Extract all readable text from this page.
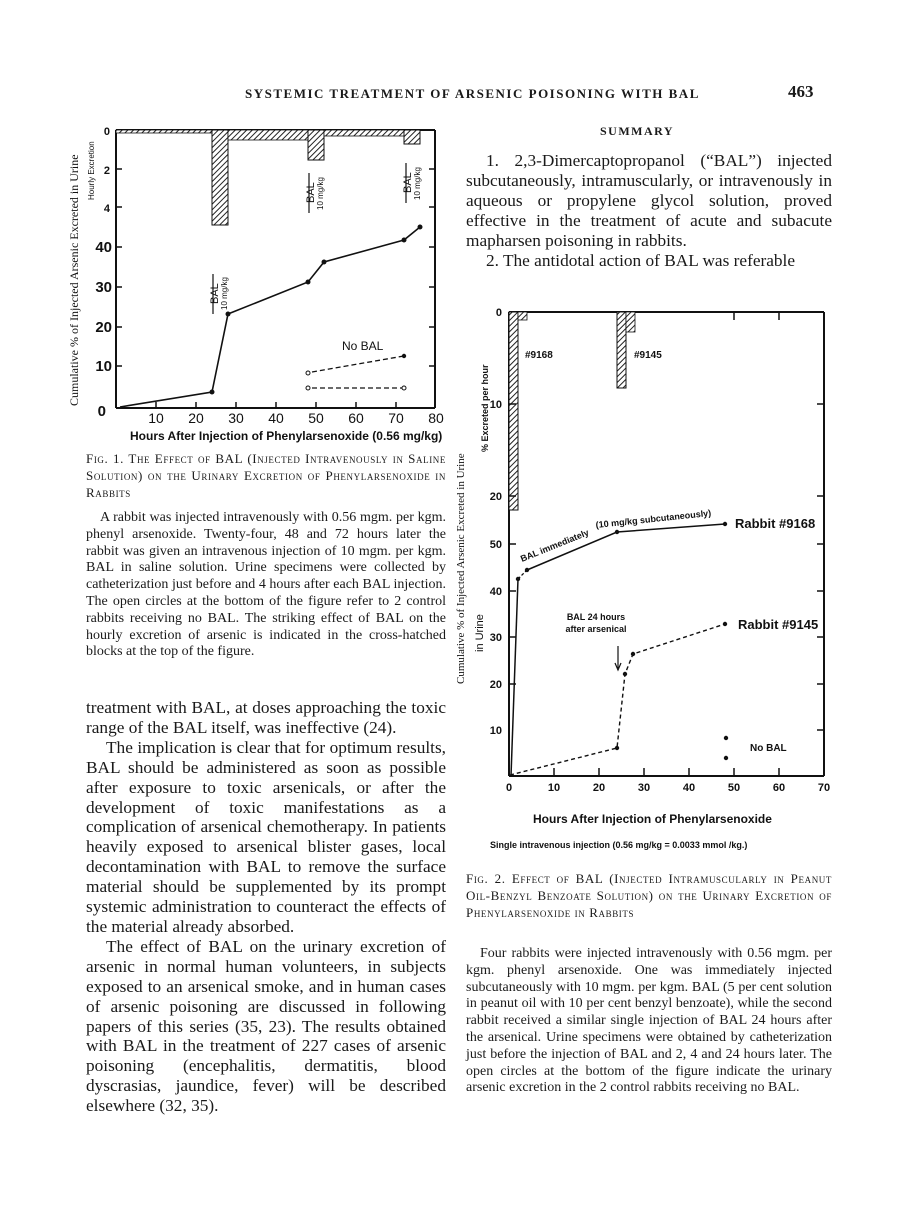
SYSTEMIC TREATMENT OF ARSENIC POISONING WITH BAL	463
0
2
4
40
30
20
10
0	10 20 30 40 50 60 70 80
No BAL
BAL 10 mg/kg
BAL 10 mg/kg	BAL 10 mg/kg
Cumulative % of Injected Arsenic Excreted in Urine Hourly Excretion
Hours After Injection of Phenylarsenoxide (0.56 mg/kg)
Fig. 1. The Effect of BAL (Injected Intravenously in Saline Solution) on the Urinary Excretion of Phenylarsenoxide in Rabbits
A rabbit was injected intravenously with 0.56 mgm. per kgm. phenyl arsenoxide. Twenty-four, 48 and 72 hours later the rabbit was given an intravenous injection of 10 mgm. per kgm. BAL in saline solution. Urine specimens were collected by catheterization just before and 4 hours after each BAL injection. The open circles at the bottom of the figure refer to 2 control rabbits receiving no BAL. The striking effect of BAL on the hourly excretion of arsenic is indicated in the cross-hatched blocks at the top of the figure.

treatment with BAL, at doses approaching the toxic range of the BAL itself, was ineffective (24).

The implication is clear that for optimum results, BAL should be administered as soon as possible after exposure to toxic arsenicals, or after the development of toxic manifestations as a complication of arsenical chemotherapy. In patients heavily exposed to arsenical blister gases, local decontamination with BAL to remove the surface material should be supplemented by its prompt systemic administration to counteract the effects of the material already absorbed.

The effect of BAL on the urinary excretion of arsenic in normal human volunteers, in subjects exposed to an arsenical smoke, and in human cases of arsenic poisoning are discussed in following papers of this series (35, 23). The results obtained with BAL in the treatment of 227 cases of arsenic poisoning (encephalitis, dermatitis, blood dyscrasias, jaundice, fever) will be described elsewhere (32, 35).

SUMMARY

1. 2,3-Dimercaptopropanol (“BAL”) injected subcutaneously, intramuscularly, or intravenously in aqueous or propylene glycol solution, proved effective in the treatment of acute and subacute mapharsen poisoning in rabbits.

2. The antidotal action of BAL was referable

#9168	#9145
0
10
20
50
40
30
20
10
0	10	20	30	40	50	60	70
BAL immediately
(10 mg/kg subcutaneously) Rabbit #9168
Rabbit #9145
BAL 24 hours
after arsenical
No BAL
Cumulative % of Injected Arsenic Excreted in Urine in Urine
% Excreted per hour
Hours After Injection of Phenylarsenoxide
Single intravenous injection (0.56 mg/kg = 0.0033 mmol /kg.)
Fig. 2. Effect of BAL (Injected Intramuscularly in Peanut Oil-Benzyl Benzoate Solution) on the Urinary Excretion of Phenylarsenoxide in Rabbits
Four rabbits were injected intravenously with 0.56 mgm. per kgm. phenyl arsenoxide. One was immediately injected subcutaneously with 10 mgm. per kgm. BAL (5 per cent solution in peanut oil with 10 per cent benzyl benzoate), while the second rabbit received a similar single injection of BAL 24 hours after the arsenical. Urine specimens were obtained by catheterization just before the injection of BAL and 2, 4 and 24 hours later. The open circles at the bottom of the figure indicate the urinary arsenic excretion in the 2 control rabbits receiving no BAL.
